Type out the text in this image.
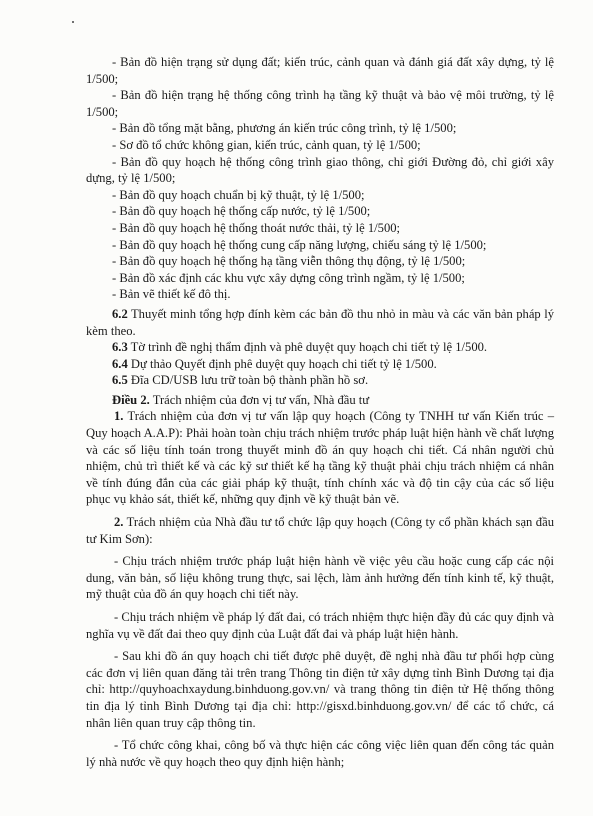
- Bản đồ hiện trạng sử dụng đất; kiến trúc, cảnh quan và đánh giá đất xây dựng, tỷ lệ 1/500;

- Bản đồ hiện trạng hệ thống công trình hạ tầng kỹ thuật và bảo vệ môi trường, tỷ lệ 1/500;

- Bản đồ tổng mặt bằng, phương án kiến trúc công trình, tỷ lệ 1/500;

- Sơ đồ tổ chức không gian, kiến trúc, cảnh quan, tỷ lệ 1/500;

- Bản đồ quy hoạch hệ thống công trình giao thông, chỉ giới Đường đỏ, chỉ giới xây dựng, tỷ lệ 1/500;

- Bản đồ quy hoạch chuẩn bị kỹ thuật, tỷ lệ 1/500;

- Bản đồ quy hoạch hệ thống cấp nước, tỷ lệ 1/500;

- Bản đồ quy hoạch hệ thống thoát nước thải, tỷ lệ 1/500;

- Bản đồ quy hoạch hệ thống cung cấp năng lượng, chiếu sáng tỷ lệ 1/500;

- Bản đồ quy hoạch hệ thống hạ tầng viễn thông thụ động, tỷ lệ 1/500;

- Bản đồ xác định các khu vực xây dựng công trình ngầm, tỷ lệ 1/500;

- Bản vẽ thiết kế đô thị.

6.2 Thuyết minh tổng hợp đính kèm các bản đồ thu nhỏ in màu và các văn bản pháp lý kèm theo.

6.3 Tờ trình đề nghị thẩm định và phê duyệt quy hoạch chi tiết tỷ lệ 1/500.

6.4 Dự thảo Quyết định phê duyệt quy hoạch chi tiết tỷ lệ 1/500.

6.5 Đĩa CD/USB lưu trữ toàn bộ thành phần hồ sơ.

Điều 2. Trách nhiệm của đơn vị tư vấn, Nhà đầu tư

1. Trách nhiệm của đơn vị tư vấn lập quy hoạch (Công ty TNHH tư vấn Kiến trúc – Quy hoạch A.A.P): Phải hoàn toàn chịu trách nhiệm trước pháp luật hiện hành về chất lượng và các số liệu tính toán trong thuyết minh đồ án quy hoạch chi tiết. Cá nhân người chủ nhiệm, chủ trì thiết kế và các kỹ sư thiết kế hạ tầng kỹ thuật phải chịu trách nhiệm cá nhân về tính đúng đắn của các giải pháp kỹ thuật, tính chính xác và độ tin cậy của các số liệu phục vụ khảo sát, thiết kế, những quy định về kỹ thuật bản vẽ.

2. Trách nhiệm của Nhà đầu tư tổ chức lập quy hoạch (Công ty cổ phần khách sạn đầu tư Kim Sơn):

- Chịu trách nhiệm trước pháp luật hiện hành về việc yêu cầu hoặc cung cấp các nội dung, văn bản, số liệu không trung thực, sai lệch, làm ảnh hưởng đến tính kinh tế, kỹ thuật, mỹ thuật của đồ án quy hoạch chi tiết này.

- Chịu trách nhiệm về pháp lý đất đai, có trách nhiệm thực hiện đầy đủ các quy định và nghĩa vụ về đất đai theo quy định của Luật đất đai và pháp luật hiện hành.

- Sau khi đồ án quy hoạch chi tiết được phê duyệt, đề nghị nhà đầu tư phối hợp cùng các đơn vị liên quan đăng tải trên trang Thông tin điện tử xây dựng tỉnh Bình Dương tại địa chỉ: http://quyhoachxaydung.binhduong.gov.vn/ và trang thông tin điện tử Hệ thống thông tin địa lý tỉnh Bình Dương tại địa chỉ: http://gisxd.binhduong.gov.vn/ để các tổ chức, cá nhân liên quan truy cập thông tin.

- Tổ chức công khai, công bố và thực hiện các công việc liên quan đến công tác quản lý nhà nước về quy hoạch theo quy định hiện hành;
